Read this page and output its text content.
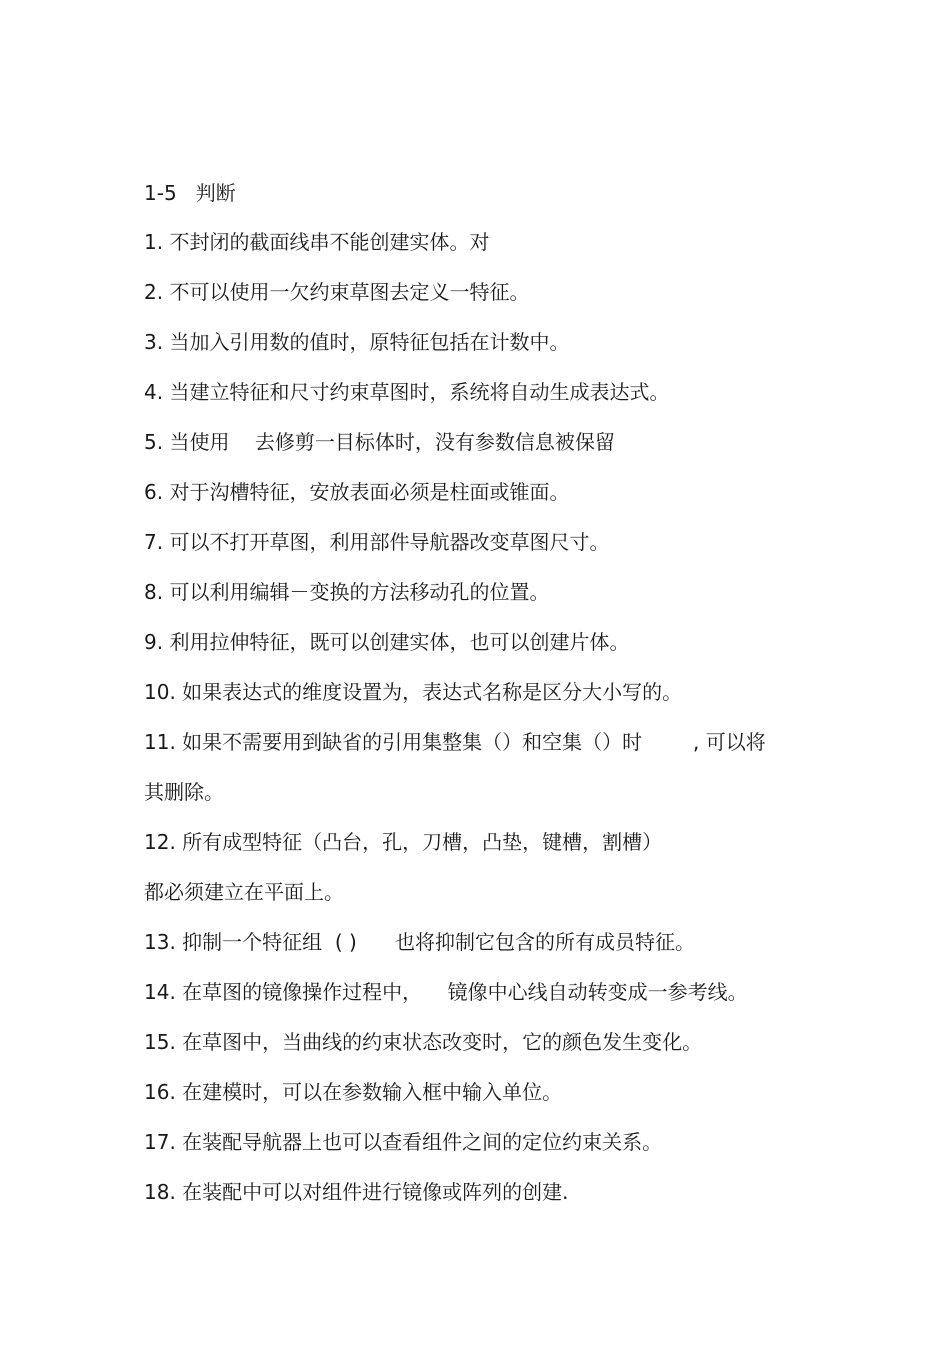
1-5   判断
1. 不封闭的截面线串不能创建实体。对
2. 不可以使用一欠约束草图去定义一特征。
3. 当加入引用数的值时，原特征包括在计数中。
4. 当建立特征和尺寸约束草图时，系统将自动生成表达式。
5. 当使用    去修剪一目标体时，没有参数信息被保留
6. 对于沟槽特征，安放表面必须是柱面或锥面。
7. 可以不打开草图，利用部件导航器改变草图尺寸。
8. 可以利用编辑－变换的方法移动孔的位置。
9. 利用拉伸特征，既可以创建实体，也可以创建片体。
10. 如果表达式的维度设置为，表达式名称是区分大小写的。
11. 如果不需要用到缺省的引用集整集（）和空集（）时        , 可以将
其删除。
12. 所有成型特征（凸台，孔，刀槽，凸垫，键槽，割槽）
都必须建立在平面上。
13. 抑制一个特征组  ( )      也将抑制它包含的所有成员特征。
14. 在草图的镜像操作过程中，    镜像中心线自动转变成一参考线。
15. 在草图中，当曲线的约束状态改变时，它的颜色发生变化。
16. 在建模时，可以在参数输入框中输入单位。
17. 在装配导航器上也可以查看组件之间的定位约束关系。
18. 在装配中可以对组件进行镜像或阵列的创建.
